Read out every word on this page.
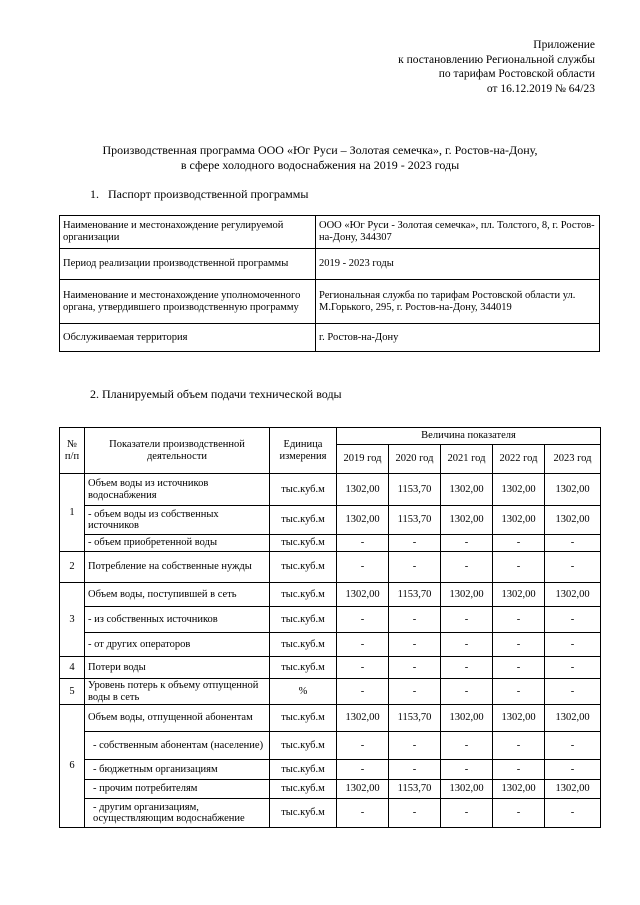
Приложение
к постановлению Региональной службы
по тарифам Ростовской области
от 16.12.2019 № 64/23
Производственная программа ООО «Юг Руси – Золотая семечка», г. Ростов-на-Дону,
в сфере холодного водоснабжения на 2019 - 2023 годы
1.   Паспорт производственной программы
Наименование и местонахождение регулируемой организации	ООО «Юг Руси - Золотая семечка», пл. Толстого, 8, г. Ростов-на-Дону, 344307
Период реализации производственной программы	2019 - 2023 годы
Наименование и местонахождение уполномоченного органа, утвердившего производственную программу	Региональная служба по тарифам Ростовской области ул. М.Горького, 295, г. Ростов-на-Дону, 344019
Обслуживаемая территория	г. Ростов-на-Дону
2. Планируемый объем подачи технической воды
№ п/п	Показатели производственной деятельности	Единица измерения	Величина показателя				
			2019 год	2020 год	2021 год	2022 год	2023 год
1	Объем воды из источников водоснабжения	тыс.куб.м	1302,00	1153,70	1302,00	1302,00	1302,00
	- объем воды из собственных источников	тыс.куб.м	1302,00	1153,70	1302,00	1302,00	1302,00
	- объем приобретенной воды	тыс.куб.м	-	-	-	-	-
2	Потребление на собственные нужды	тыс.куб.м	-	-	-	-	-
3	Объем воды, поступившей в сеть	тыс.куб.м	1302,00	1153,70	1302,00	1302,00	1302,00
	- из собственных источников	тыс.куб.м	-	-	-	-	-
	- от других операторов	тыс.куб.м	-	-	-	-	-
4	Потери воды	тыс.куб.м	-	-	-	-	-
5	Уровень потерь к объему отпущенной воды в сеть	%	-	-	-	-	-
6	Объем воды, отпущенной абонентам	тыс.куб.м	1302,00	1153,70	1302,00	1302,00	1302,00
	- собственным абонентам (население)	тыс.куб.м	-	-	-	-	-
	- бюджетным организациям	тыс.куб.м	-	-	-	-	-
	- прочим потребителям	тыс.куб.м	1302,00	1153,70	1302,00	1302,00	1302,00
	- другим организациям, осуществляющим водоснабжение	тыс.куб.м	-	-	-	-	-
